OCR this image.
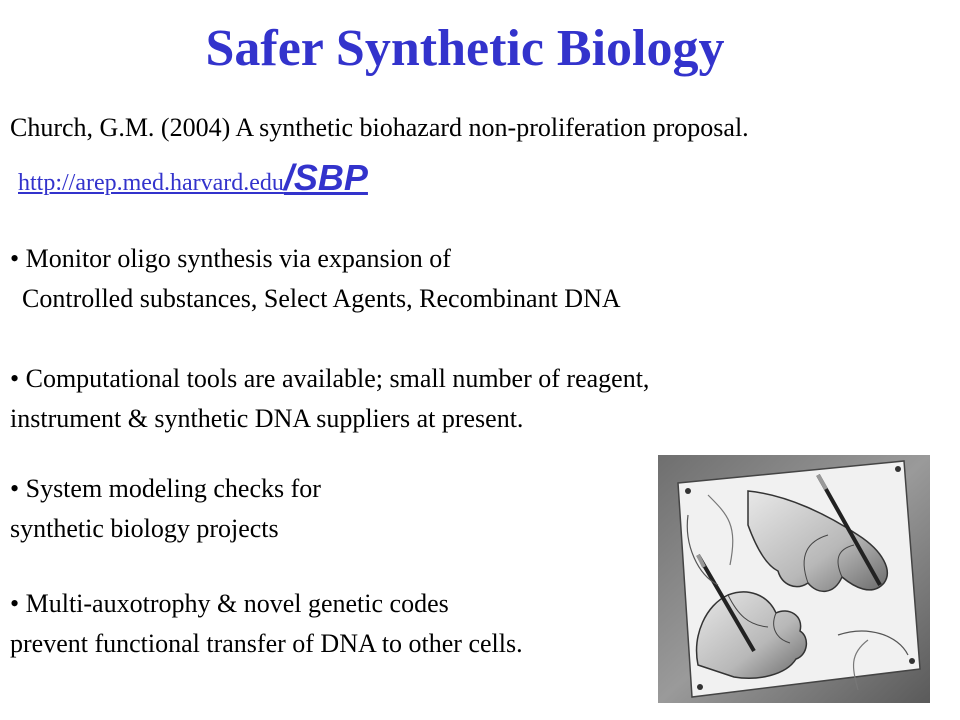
Safer Synthetic Biology

Church, G.M. (2004) A synthetic biohazard non-proliferation proposal.

http://arep.med.harvard.edu/SBP

• Monitor oligo synthesis via expansion of

Controlled substances, Select Agents, Recombinant DNA

• Computational tools are available; small number of reagent,

instrument & synthetic DNA suppliers at present.

• System modeling checks for

synthetic biology projects

• Multi-auxotrophy & novel genetic codes

prevent functional transfer of DNA to other cells.
